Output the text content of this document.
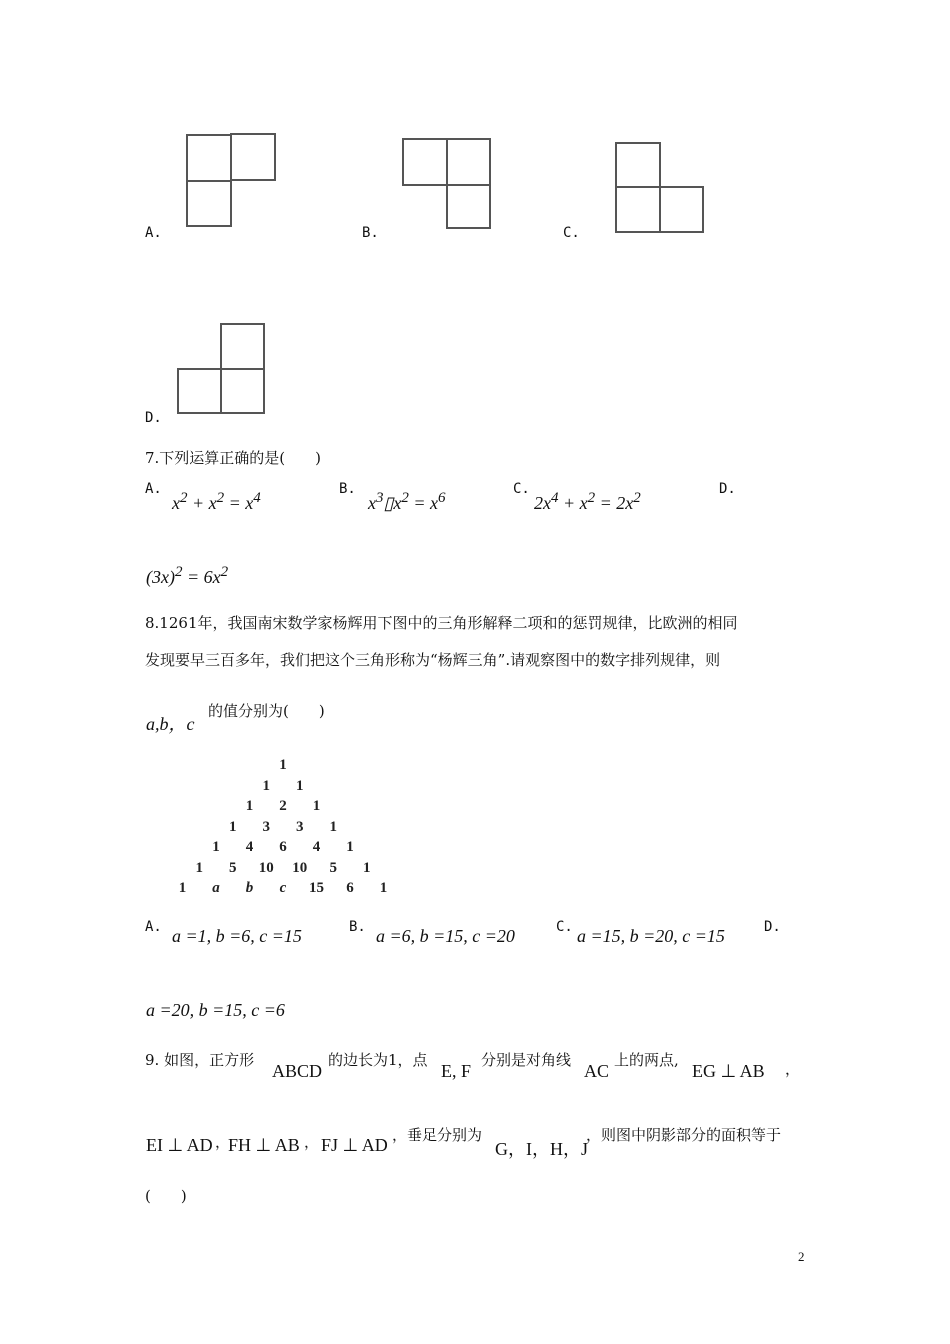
A.	B.	C.
D.
7.下列运算正确的是(　　)
A.
$x^2 + x^2 = x^4$
B.
$x^3▯x^2 = x^6$
C.
$2x^4 + x^2 = 2x^2$
D.
$(3x)^2 = 6x^2$
8.1261年，我国南宋数学家杨辉用下图中的三角形解释二项和的惩罚规律，比欧洲的相同
发现要早三百多年，我们把这个三角形称为“杨辉三角”.请观察图中的数字排列规律，则
a,b，c
的值分别为(　　)
1
1	1
1	2	1
1	3	3	1
1	4	6	4	1
1	5	10	10	5	1
1	a	b	c	15	6	1
A. a =1, b =6, c =15	B. a =6, b =15, c =20	C. a =15, b =20, c =15	D.
a =20, b =15, c =6
9. 如图，正方形
ABCD
的边长为1，点
E, F
分别是对角线
AC
上的两点,
EG ⊥ AB ，
EI ⊥ AD ，
FH ⊥ AB ， FJ ⊥ AD ，垂足分别为
G，I，H，J
，则图中阴影部分的面积等于
(　　)
2
